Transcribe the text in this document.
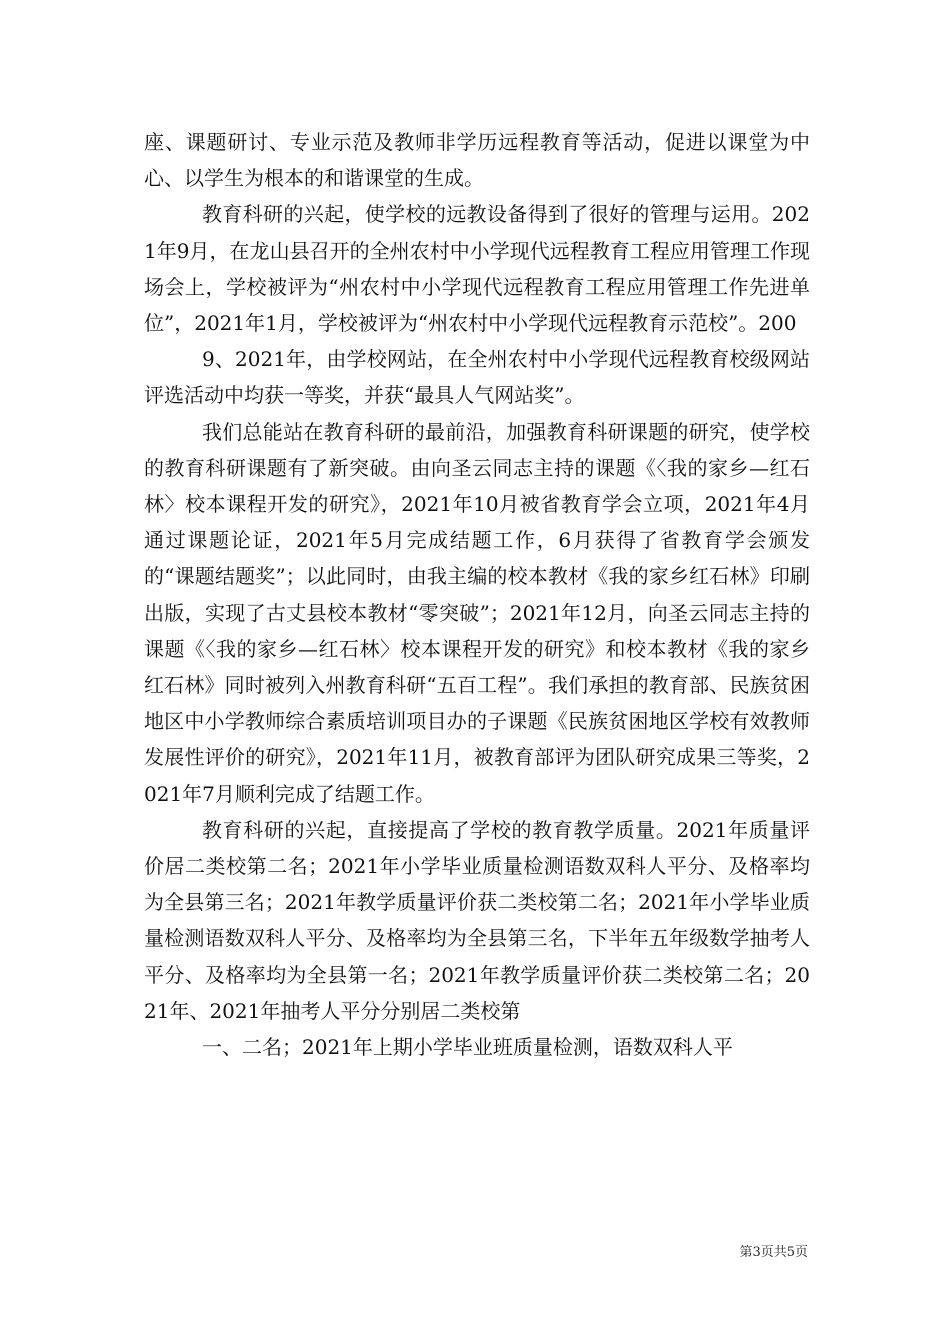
座、课题研讨、专业示范及教师非学历远程教育等活动，促进以课堂为中心、以学生为根本的和谐课堂的生成。

教育科研的兴起，使学校的远教设备得到了很好的管理与运用。2021年9月，在龙山县召开的全州农村中小学现代远程教育工程应用管理工作现场会上，学校被评为“州农村中小学现代远程教育工程应用管理工作先进单位”，2021年1月，学校被评为“州农村中小学现代远程教育示范校”。200

9、2021年，由学校网站，在全州农村中小学现代远程教育校级网站评选活动中均获一等奖，并获“最具人气网站奖”。

我们总能站在教育科研的最前沿，加强教育科研课题的研究，使学校的教育科研课题有了新突破。由向圣云同志主持的课题《〈我的家乡—红石林〉校本课程开发的研究》，2021年10月被省教育学会立项，2021年4月通过课题论证，2021年5月完成结题工作，6月获得了省教育学会颁发的“课题结题奖”；以此同时，由我主编的校本教材《我的家乡红石林》印刷出版，实现了古丈县校本教材“零突破”；2021年12月，向圣云同志主持的课题《〈我的家乡—红石林〉校本课程开发的研究》和校本教材《我的家乡红石林》同时被列入州教育科研“五百工程”。我们承担的教育部、民族贫困地区中小学教师综合素质培训项目办的子课题《民族贫困地区学校有效教师发展性评价的研究》，2021年11月，被教育部评为团队研究成果三等奖，2021年7月顺利完成了结题工作。

教育科研的兴起，直接提高了学校的教育教学质量。2021年质量评价居二类校第二名；2021年小学毕业质量检测语数双科人平分、及格率均为全县第三名；2021年教学质量评价获二类校第二名；2021年小学毕业质量检测语数双科人平分、及格率均为全县第三名，下半年五年级数学抽考人平分、及格率均为全县第一名；2021年教学质量评价获二类校第二名；2021年、2021年抽考人平分分别居二类校第

一、二名；2021年上期小学毕业班质量检测，语数双科人平

第3页共5页
